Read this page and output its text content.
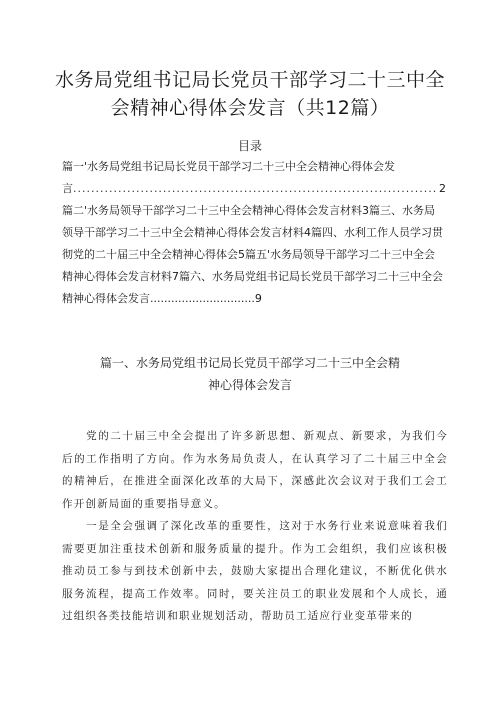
水务局党组书记局长党员干部学习二十三中全
会精神心得体会发言（共12篇）
目录
篇一'水务局党组书记局长党员干部学习二十三中全会精神心得体会发
言
.....	2
篇二'水务局领导干部学习二十三中全会精神心得体会发言材料3篇三、水务局领导干部学习二十三中全会精神心得体会发言材料4篇四、水利工作人员学习贯彻党的二十届三中全会精神心得体会5篇五'水务局领导干部学习二十三中全会精神心得体会发言材料7篇六、水务局党组书记局长党员干部学习二十三中全会精神心得体会发言..............................9
篇一、水务局党组书记局长党员干部学习二十三中全会精
神心得体会发言

党的二十届三中全会提出了许多新思想、新观点、新要求，为我们今后的工作指明了方向。作为水务局负责人，在认真学习了二十届三中全会的精神后，在推进全面深化改革的大局下，深感此次会议对于我们工会工作开创新局面的重要指导意义。

一是全会强调了深化改革的重要性，这对于水务行业来说意味着我们需要更加注重技术创新和服务质量的提升。作为工会组织，我们应该积极推动员工参与到技术创新中去，鼓励大家提出合理化建议，不断优化供水服务流程，提高工作效率。同时，要关注员工的职业发展和个人成长，通过组织各类技能培训和职业规划活动，帮助员工适应行业变革带来的
